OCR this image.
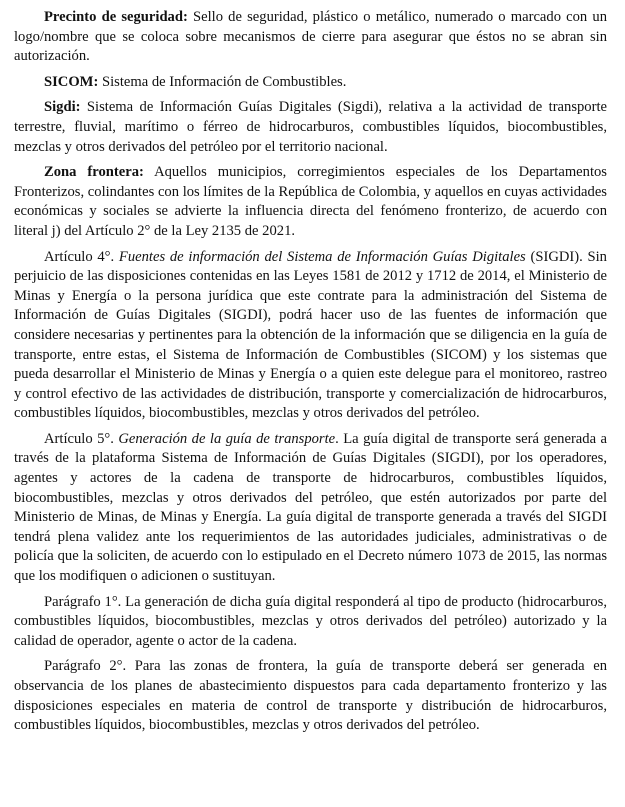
Precinto de seguridad: Sello de seguridad, plástico o metálico, numerado o marcado con un logo/nombre que se coloca sobre mecanismos de cierre para asegurar que éstos no se abran sin autorización.

SICOM: Sistema de Información de Combustibles.

Sigdi: Sistema de Información Guías Digitales (Sigdi), relativa a la actividad de transporte terrestre, fluvial, marítimo o férreo de hidrocarburos, combustibles líquidos, biocombustibles, mezclas y otros derivados del petróleo por el territorio nacional.

Zona frontera: Aquellos municipios, corregimientos especiales de los Departamentos Fronterizos, colindantes con los límites de la República de Colombia, y aquellos en cuyas actividades económicas y sociales se advierte la influencia directa del fenómeno fronterizo, de acuerdo con literal j) del Artículo 2° de la Ley 2135 de 2021.

Artículo 4°. Fuentes de información del Sistema de Información Guías Digitales (SIGDI). Sin perjuicio de las disposiciones contenidas en las Leyes 1581 de 2012 y 1712 de 2014, el Ministerio de Minas y Energía o la persona jurídica que este contrate para la administración del Sistema de Información de Guías Digitales (SIGDI), podrá hacer uso de las fuentes de información que considere necesarias y pertinentes para la obtención de la información que se diligencia en la guía de transporte, entre estas, el Sistema de Información de Combustibles (SICOM) y los sistemas que pueda desarrollar el Ministerio de Minas y Energía o a quien este delegue para el monitoreo, rastreo y control efectivo de las actividades de distribución, transporte y comercialización de hidrocarburos, combustibles líquidos, biocombustibles, mezclas y otros derivados del petróleo.

Artículo 5°. Generación de la guía de transporte. La guía digital de transporte será generada a través de la plataforma Sistema de Información de Guías Digitales (SIGDI), por los operadores, agentes y actores de la cadena de transporte de hidrocarburos, combustibles líquidos, biocombustibles, mezclas y otros derivados del petróleo, que estén autorizados por parte del Ministerio de Minas, de Minas y Energía. La guía digital de transporte generada a través del SIGDI tendrá plena validez ante los requerimientos de las autoridades judiciales, administrativas o de policía que la soliciten, de acuerdo con lo estipulado en el Decreto número 1073 de 2015, las normas que los modifiquen o adicionen o sustituyan.

Parágrafo 1°. La generación de dicha guía digital responderá al tipo de producto (hidrocarburos, combustibles líquidos, biocombustibles, mezclas y otros derivados del petróleo) autorizado y la calidad de operador, agente o actor de la cadena.

Parágrafo 2°. Para las zonas de frontera, la guía de transporte deberá ser generada en observancia de los planes de abastecimiento dispuestos para cada departamento fronterizo y las disposiciones especiales en materia de control de transporte y distribución de hidrocarburos, combustibles líquidos, biocombustibles, mezclas y otros derivados del petróleo.
